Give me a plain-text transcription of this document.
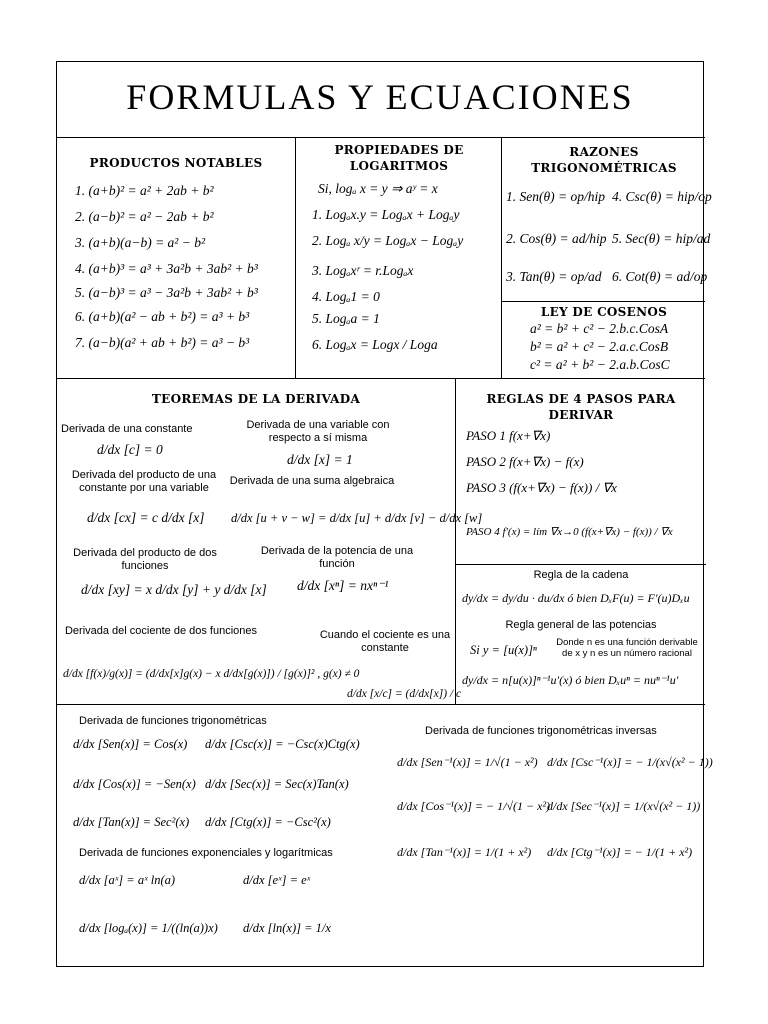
FORMULAS Y ECUACIONES
PRODUCTOS NOTABLES
1. (a+b)² = a² + 2ab + b²
2. (a−b)² = a² − 2ab + b²
3. (a+b)(a−b) = a² − b²
4. (a+b)³ = a³ + 3a²b + 3ab² + b³
5. (a−b)³ = a³ − 3a²b + 3ab² + b³
6. (a+b)(a² − ab + b²) = a³ + b³
7. (a−b)(a² + ab + b²) = a³ − b³
PROPIEDADES DE LOGARITMOS
Si, logₐ x = y ⇒ aʸ = x
1. Logₐx.y = Logₐx + Logₐy
2. Logₐ x/y = Logₐx − Logₐy
3. Logₐxʳ = r.Logₐx
4. Logₐ1 = 0
5. Logₐa = 1
6. Logₐx = Logx / Loga
RAZONES TRIGONOMÉTRICAS
1. Sen(θ) = op/hip 4. Csc(θ) = hip/op
2. Cos(θ) = ad/hip 5. Sec(θ) = hip/ad
3. Tan(θ) = op/ad 6. Cot(θ) = ad/op
LEY DE COSENOS
a² = b² + c² − 2.b.c.CosA
b² = a² + c² − 2.a.c.CosB
c² = a² + b² − 2.a.b.CosC
TEOREMAS DE LA DERIVADA
Derivada de una constante
d/dx [c] = 0
Derivada de una variable con respecto a sí misma
d/dx [x] = 1
Derivada del producto de una constante por una variable
d/dx [cx] = c d/dx [x]
Derivada de una suma algebraica
d/dx [u + v − w] = d/dx [u] + d/dx [v] − d/dx [w]
Derivada del producto de dos funciones
d/dx [xy] = x d/dx [y] + y d/dx [x]
Derivada de la potencia de una función
d/dx [xⁿ] = nxⁿ⁻¹
Derivada del cociente de dos funciones
d/dx [f(x)/g(x)] = (d/dx[x]g(x) − x d/dx[g(x)]) / [g(x)]² , g(x) ≠ 0
Cuando el cociente es una constante
d/dx [x/c] = (d/dx[x]) / c
REGLAS DE 4 PASOS PARA DERIVAR
PASO 1 f(x+∇x)
PASO 2 f(x+∇x) − f(x)
PASO 3 (f(x+∇x) − f(x)) / ∇x
PASO 4 f′(x) = lím ∇x→0 (f(x+∇x) − f(x)) / ∇x
Regla de la cadena
dy/dx = dy/du · du/dx ó bien DₓF(u) = F′(u)Dₓu
Regla general de las potencias
Si y = [u(x)]ⁿ
Donde n es una función derivable de x y n es un número racional
dy/dx = n[u(x)]ⁿ⁻¹u′(x) ó bien Dₓuⁿ = nuⁿ⁻¹u′
Derivada de funciones trigonométricas
d/dx [Sen(x)] = Cos(x) d/dx [Csc(x)] = −Csc(x)Ctg(x)
d/dx [Cos(x)] = −Sen(x) d/dx [Sec(x)] = Sec(x)Tan(x)
d/dx [Tan(x)] = Sec²(x) d/dx [Ctg(x)] = −Csc²(x)
Derivada de funciones trigonométricas inversas
d/dx [Sen⁻¹(x)] = 1/√(1 − x²) d/dx [Csc⁻¹(x)] = − 1/(x√(x² − 1))
d/dx [Cos⁻¹(x)] = − 1/√(1 − x²)
d/dx [Sec⁻¹(x)] = 1/(x√(x² − 1))
d/dx [Tan⁻¹(x)] = 1/(1 + x²) d/dx [Ctg⁻¹(x)] = − 1/(1 + x²)
Derivada de funciones exponenciales y logarítmicas
d/dx [aˣ] = aˣ ln(a)	d/dx [eˣ] = eˣ
d/dx [logₐ(x)] = 1/((ln(a))x) d/dx [ln(x)] = 1/x
